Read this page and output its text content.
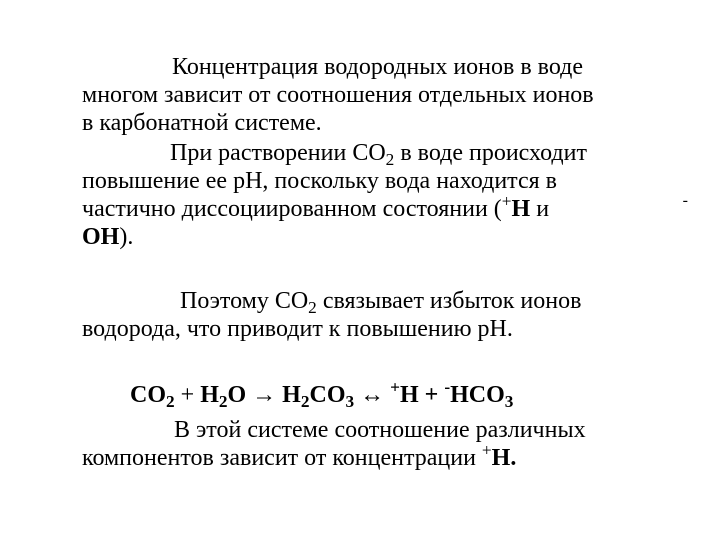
Концентрация водородных ионов в воде
многом зависит от соотношения отдельных ионов
в карбонатной системе.
При растворении $СО_2$ в воде происходит
повышение ее рН, поскольку вода находится в
частично диссоциированном состоянии (+Н и	-
ОН).
Поэтому $СО_2$ связывает избыток ионов
водорода, что приводит к повышению рН.
$СО_2 + Н_2О \to Н_2СО_3$ ↔ $^+Н + ^-НСО_3$
В этой системе соотношение различных
компонентов зависит от концентрации +Н.
